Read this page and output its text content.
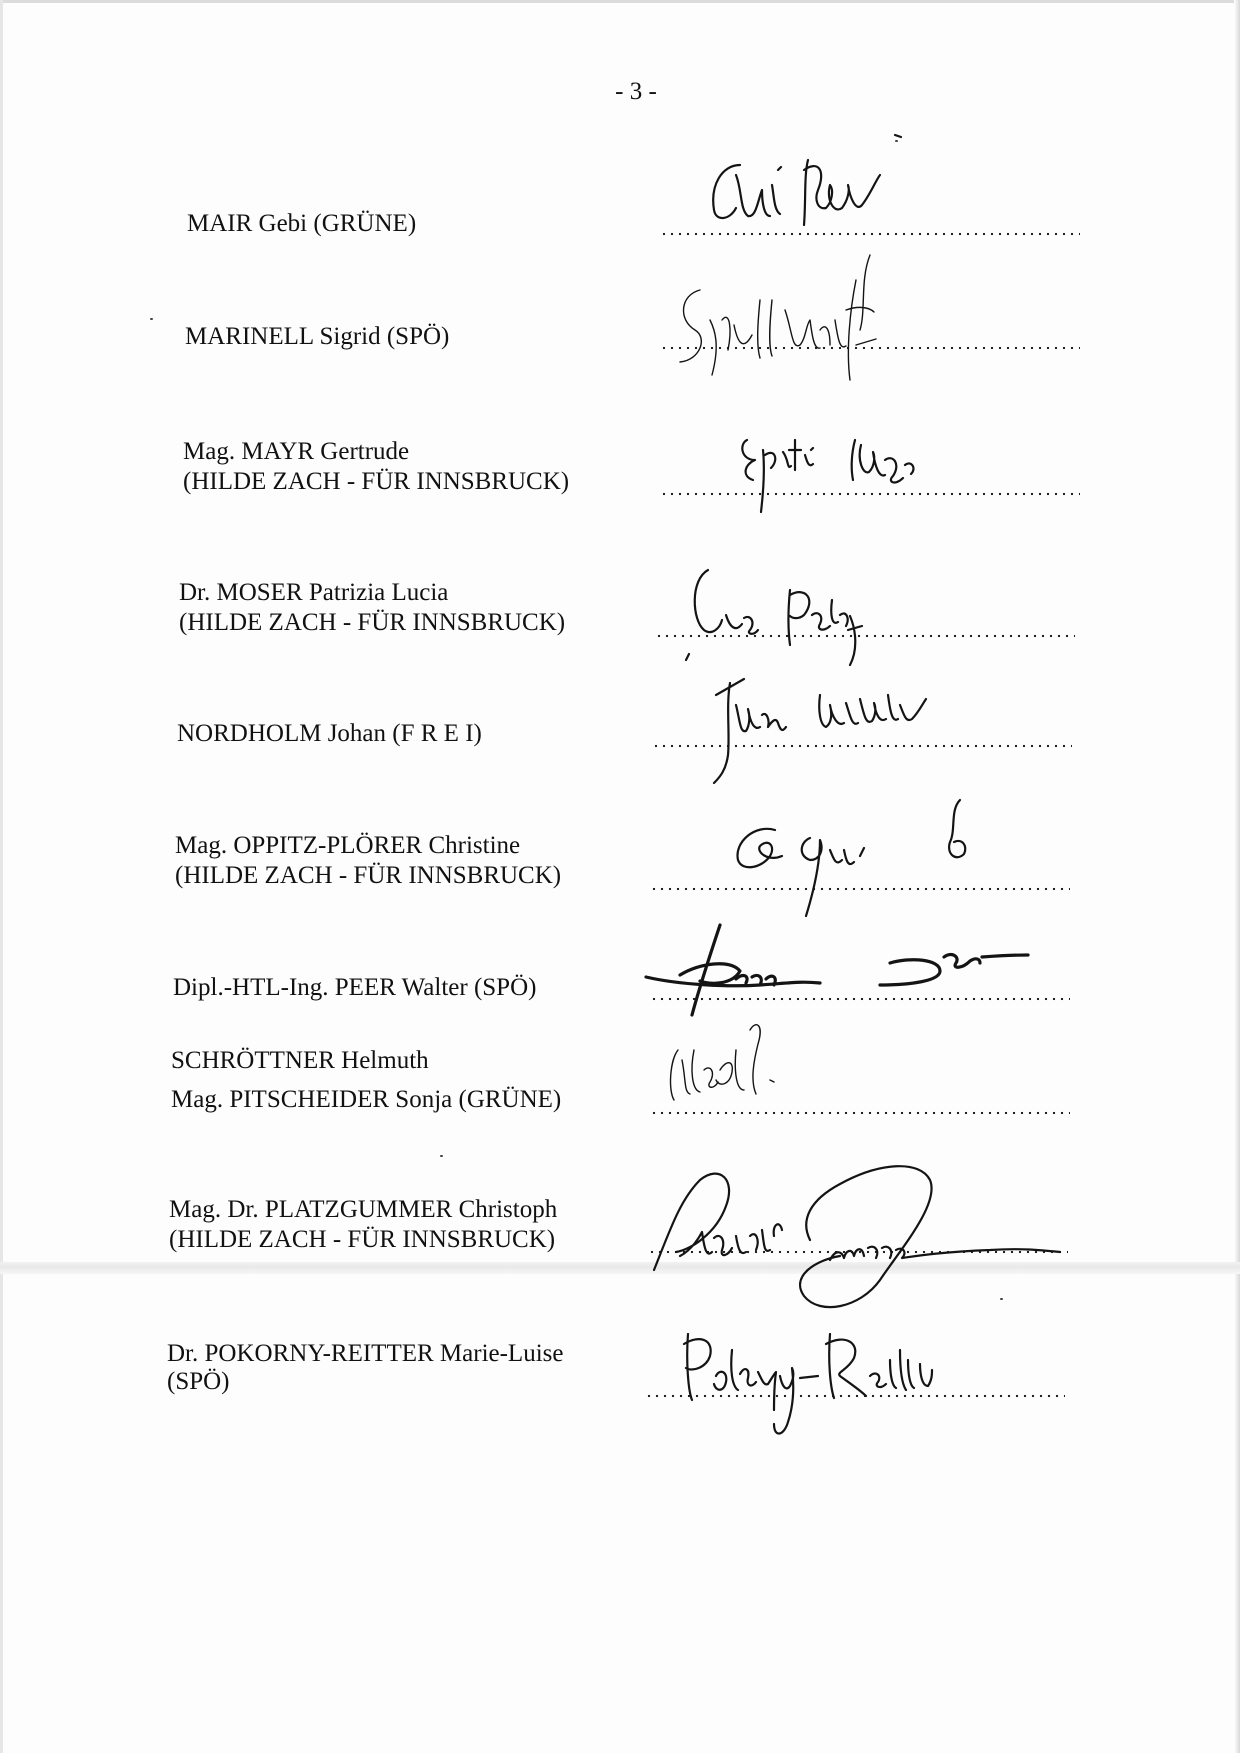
- 3 -
MAIR Gebi (GRÜNE)
MARINELL Sigrid (SPÖ)
Mag. MAYR Gertrude
(HILDE ZACH - FÜR INNSBRUCK)
Dr. MOSER Patrizia Lucia
(HILDE ZACH - FÜR INNSBRUCK)
NORDHOLM Johan (F R E I)
Mag. OPPITZ-PLÖRER Christine
(HILDE ZACH - FÜR INNSBRUCK)
Dipl.-HTL-Ing. PEER Walter (SPÖ)
SCHRÖTTNER Helmuth
Mag. PITSCHEIDER Sonja (GRÜNE)
Mag. Dr. PLATZGUMMER Christoph
(HILDE ZACH - FÜR INNSBRUCK)
Dr. POKORNY-REITTER Marie-Luise
(SPÖ)
